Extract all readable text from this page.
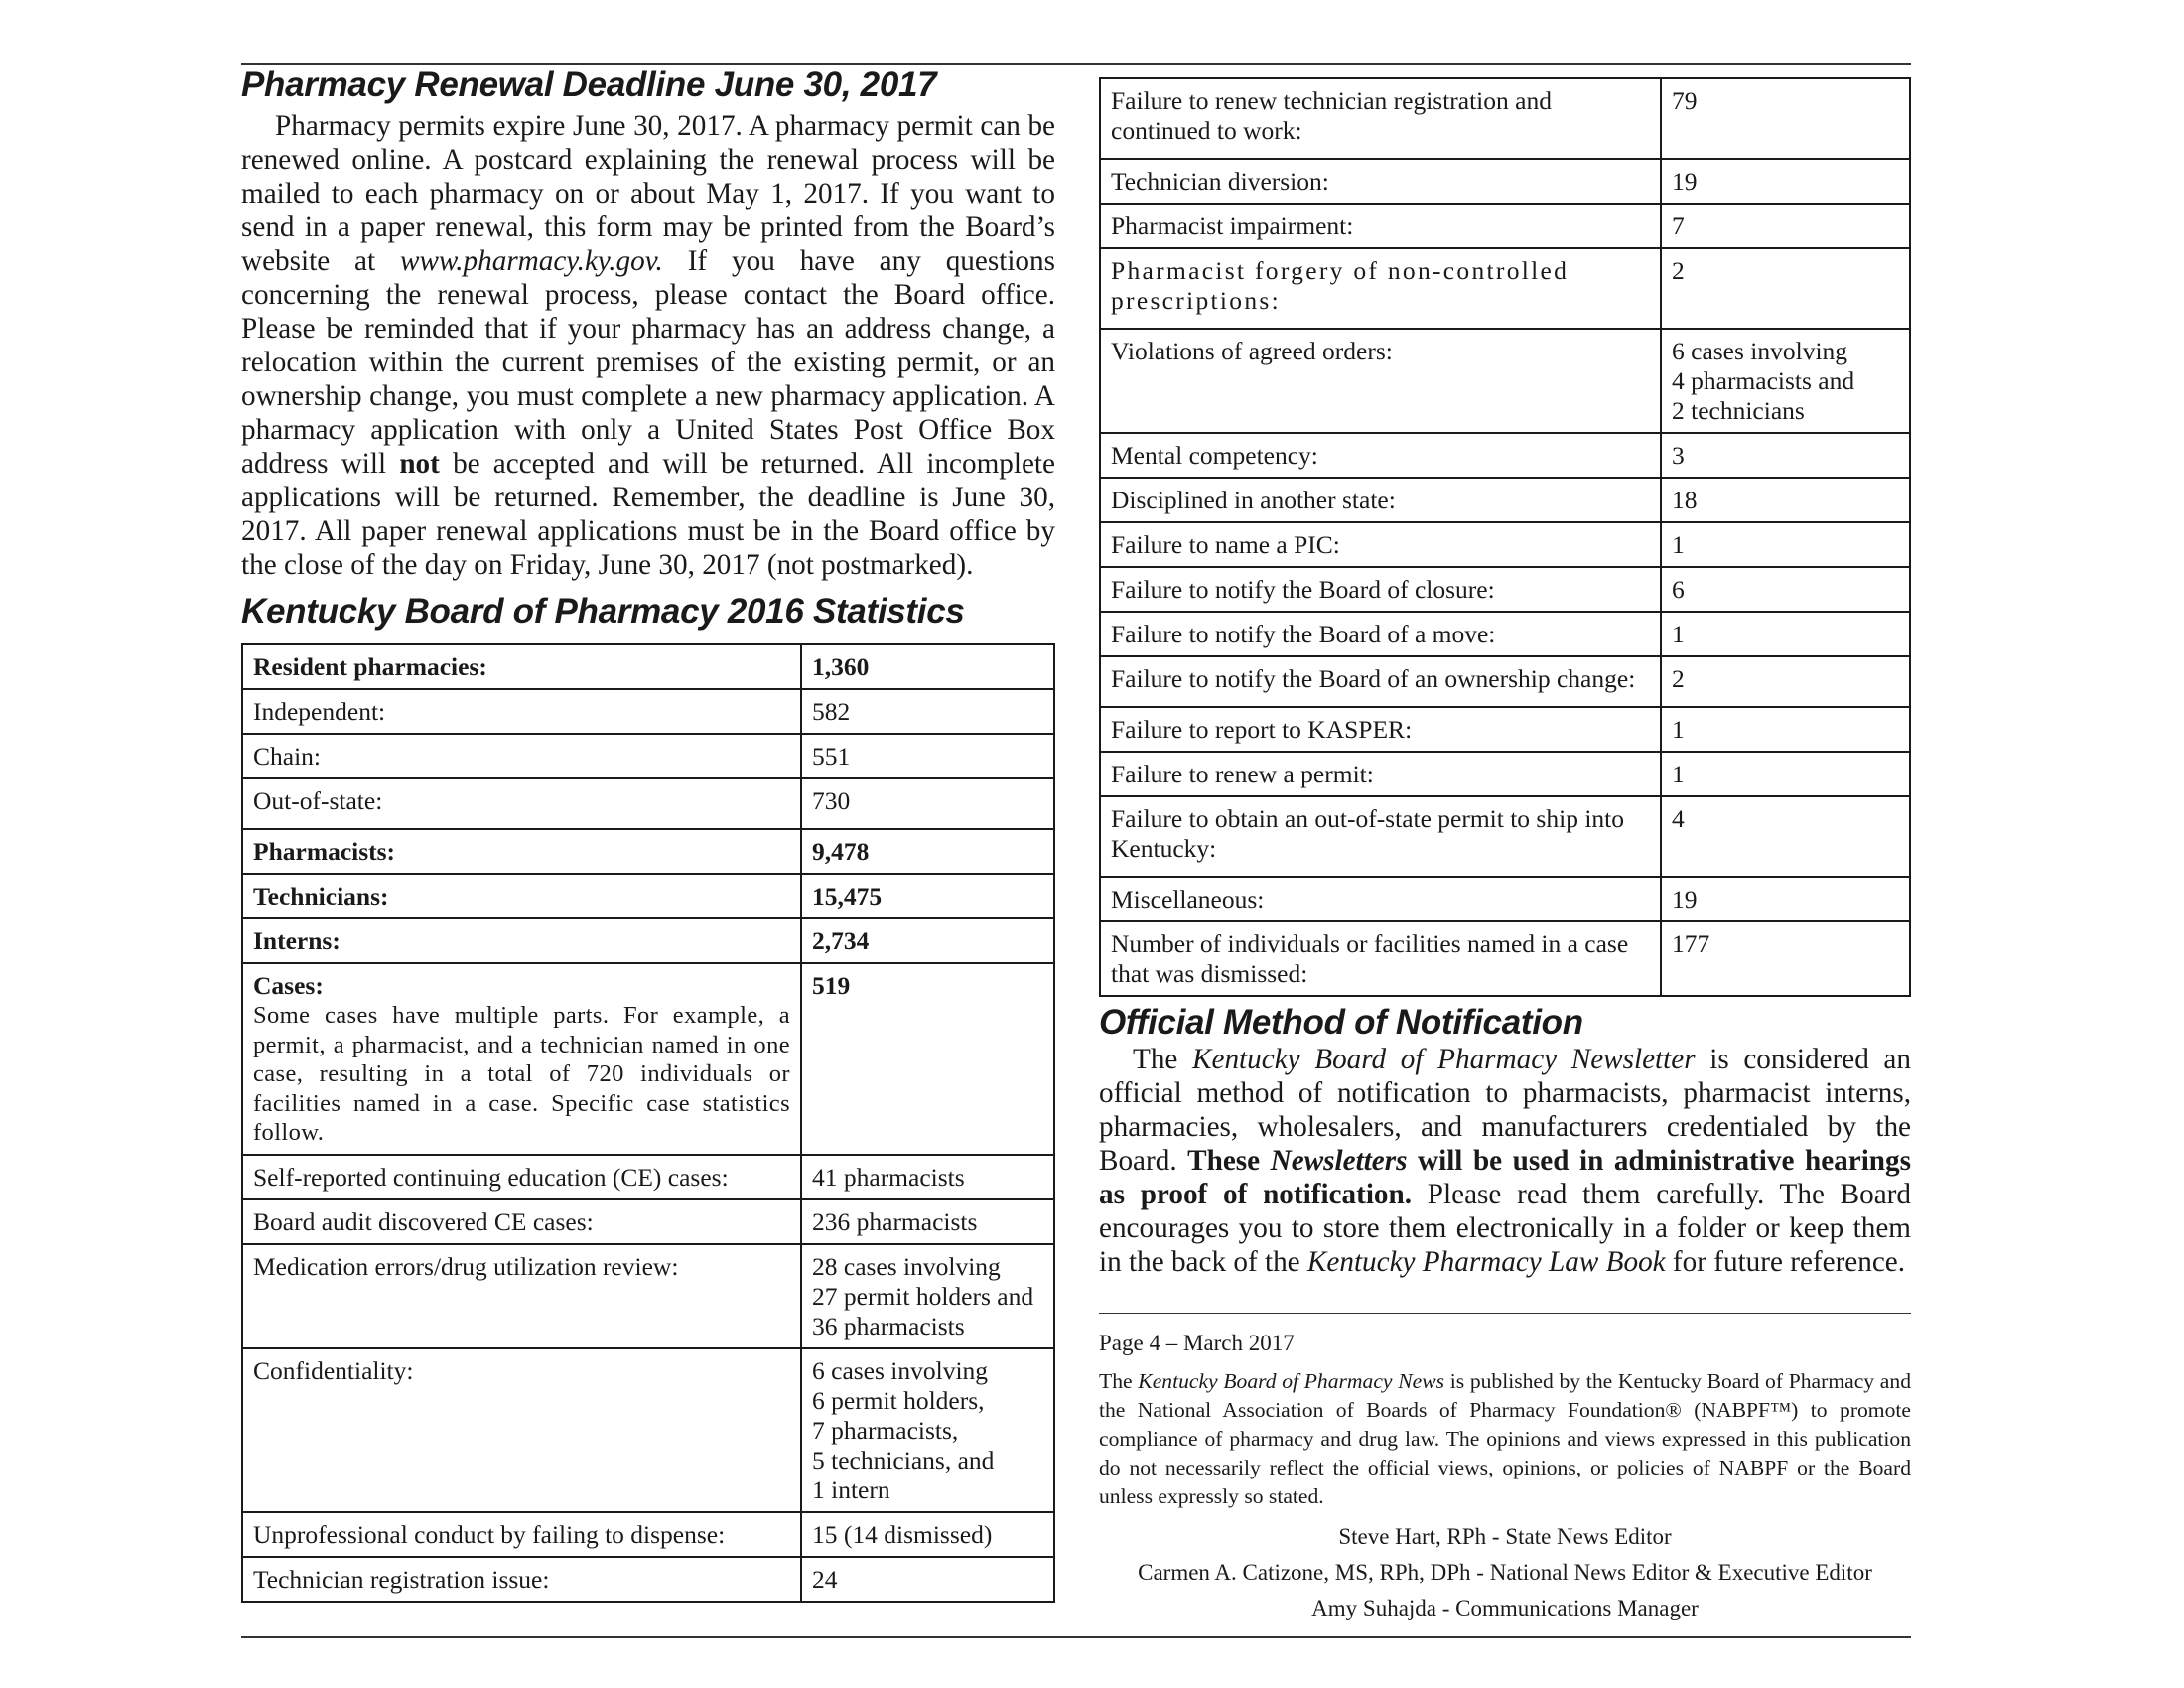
Pharmacy Renewal Deadline June 30, 2017

Pharmacy permits expire June 30, 2017. A pharmacy permit can be renewed online. A postcard explaining the renewal process will be mailed to each pharmacy on or about May 1, 2017. If you want to send in a paper renewal, this form may be printed from the Board’s website at www.pharmacy.ky.gov. If you have any questions concerning the renewal process, please contact the Board office. Please be reminded that if your pharmacy has an address change, a relocation within the current premises of the existing permit, or an ownership change, you must complete a new pharmacy application. A pharmacy application with only a United States Post Office Box address will not be accepted and will be returned. All incomplete applications will be returned. Remember, the deadline is June 30, 2017. All paper renewal applications must be in the Board office by the close of the day on Friday, June 30, 2017 (not postmarked).

Kentucky Board of Pharmacy 2016 Statistics
Resident pharmacies:	1,360
Independent:	582
Chain:	551
Out-of-state:	730
Pharmacists:	9,478
Technicians:	15,475
Interns:	2,734
Cases:
Some cases have multiple parts. For example, a permit, a pharmacist, and a technician named in one case, resulting in a total of 720 individuals or facilities named in a case. Specific case statistics follow.	519
Self-reported continuing education (CE) cases:	41 pharmacists
Board audit discovered CE cases:	236 pharmacists
Medication errors/drug utilization review:	28 cases involving
27 permit holders and
36 pharmacists

Confidentiality:	6 cases involving
6 permit holders,
7 pharmacists,
5 technicians, and
1 intern

Unprofessional conduct by failing to dispense:	15 (14 dismissed)
Technician registration issue:	24
Failure to renew technician registration and continued to work:	79
Technician diversion:	19
Pharmacist impairment:	7
Pharmacist forgery of non-controlled prescriptions:	2
Violations of agreed orders:	6 cases involving
4 pharmacists and
2 technicians

Mental competency:	3
Disciplined in another state:	18
Failure to name a PIC:	1
Failure to notify the Board of closure:	6
Failure to notify the Board of a move:	1
Failure to notify the Board of an ownership change:	2
Failure to report to KASPER:	1
Failure to renew a permit:	1
Failure to obtain an out-of-state permit to ship into Kentucky:	4
Miscellaneous:	19
Number of individuals or facilities named in a case that was dismissed:	177
Official Method of Notification

The Kentucky Board of Pharmacy Newsletter is considered an official method of notification to pharmacists, pharmacist interns, pharmacies, wholesalers, and manufacturers credentialed by the Board. These Newsletters will be used in administrative hearings as proof of notification. Please read them carefully. The Board encourages you to store them electronically in a folder or keep them in the back of the Kentucky Pharmacy Law Book for future reference.

Page 4 – March 2017

The Kentucky Board of Pharmacy News is published by the Kentucky Board of Pharmacy and the National Association of Boards of Pharmacy Foundation® (NABPF™) to promote compliance of pharmacy and drug law. The opinions and views expressed in this publication do not necessarily reflect the official views, opinions, or policies of NABPF or the Board unless expressly so stated.

Steve Hart, RPh - State News Editor
Carmen A. Catizone, MS, RPh, DPh - National News Editor & Executive Editor
Amy Suhajda - Communications Manager
